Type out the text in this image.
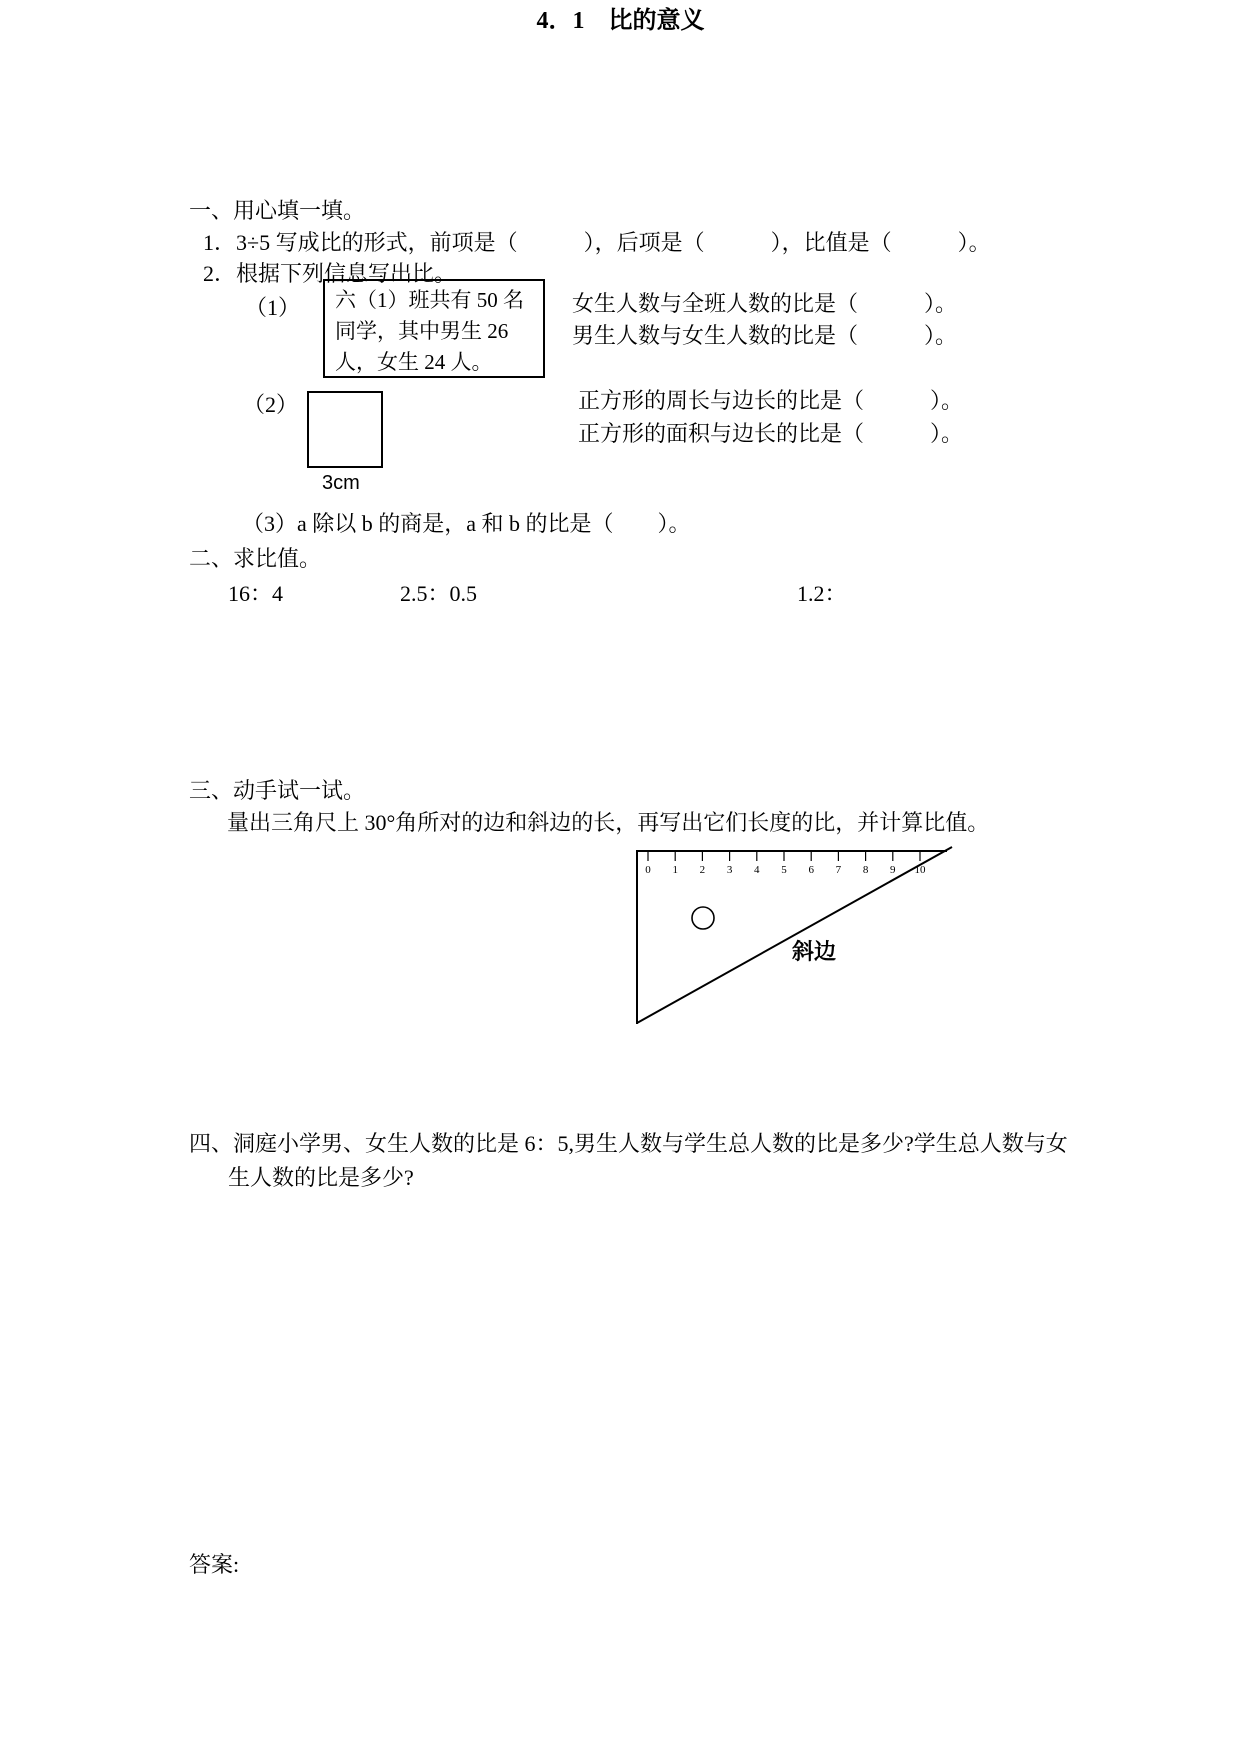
4．1　比的意义
一、用心填一填。
1．3÷5 写成比的形式，前项是（　　　），后项是（　　　），比值是（　　　）。
2．根据下列信息写出比。
（1） 六（1）班共有 50 名
同学，其中男生 26
人，女生 24 人。
女生人数与全班人数的比是（　　　）。
男生人数与女生人数的比是（　　　）。
（2）
3cm
正方形的周长与边长的比是（　　　）。
正方形的面积与边长的比是（　　　）。
（3）a 除以 b 的商是，a 和 b 的比是（　　）。
二、求比值。
16：4	2.5：0.5	1.2：
三、动手试一试。
量出三角尺上 30°角所对的边和斜边的长，再写出它们长度的比，并计算比值。
0 1 2 3 4 5 6 7 8 9 10
斜边
四、洞庭小学男、女生人数的比是 6：5,男生人数与学生总人数的比是多少?学生总人数与女
生人数的比是多少?
答案:
